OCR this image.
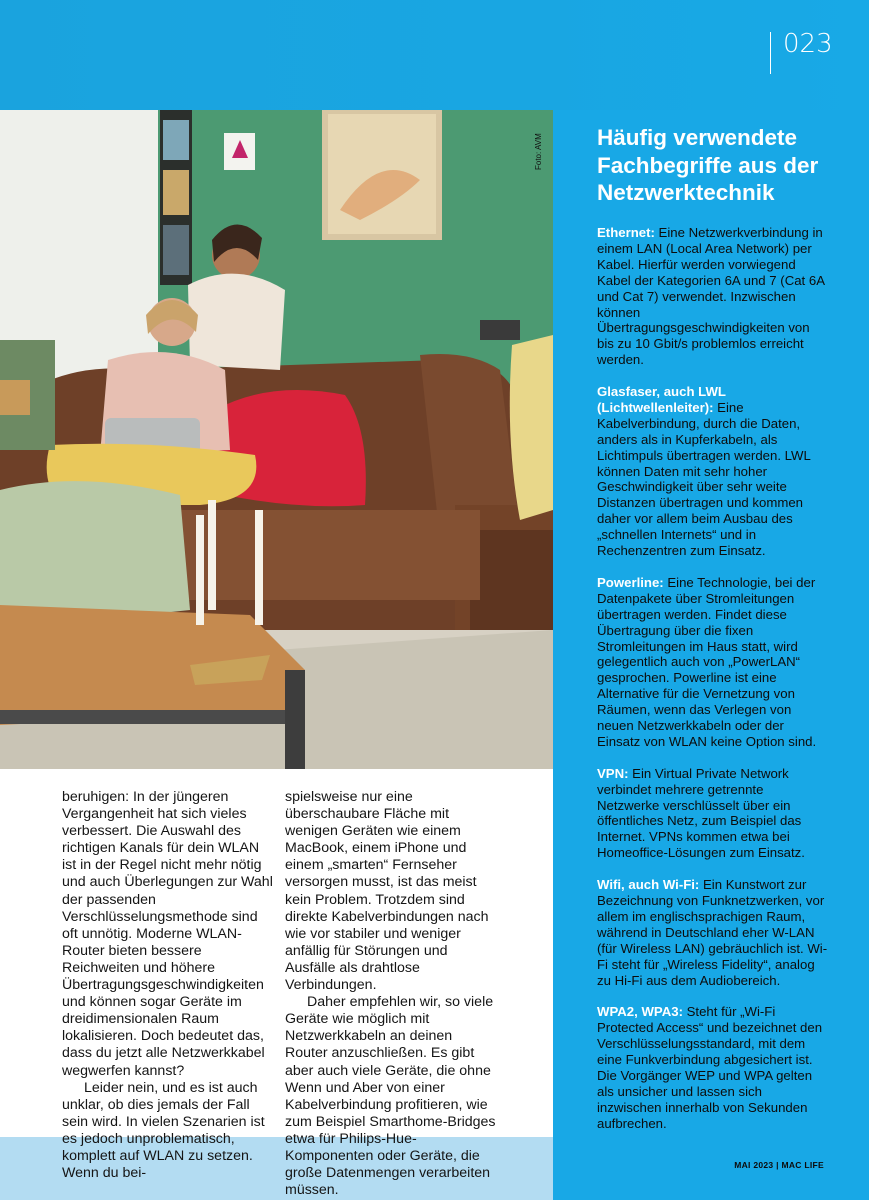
023
Foto: AVM

beruhigen: In der jüngeren Vergangenheit hat sich vieles verbessert. Die Auswahl des richtigen Kanals für dein WLAN ist in der Regel nicht mehr nötig und auch Überlegungen zur Wahl der passenden Verschlüsselungsmethode sind oft unnötig. Moderne WLAN-Router bieten bessere Reichweiten und höhere Übertragungsgeschwindigkeiten und können sogar Geräte im dreidimensionalen Raum lokalisieren. Doch bedeutet das, dass du jetzt alle Netzwerkkabel wegwerfen kannst?

Leider nein, und es ist auch unklar, ob dies jemals der Fall sein wird. In vielen Szenarien ist es jedoch unproblematisch, komplett auf WLAN zu setzen. Wenn du bei-

spielsweise nur eine überschaubare Fläche mit wenigen Geräten wie einem MacBook, einem iPhone und einem „smarten“ Fernseher versorgen musst, ist das meist kein Problem. Trotzdem sind direkte Kabelverbindungen nach wie vor stabiler und weniger anfällig für Störungen und Ausfälle als drahtlose Verbindungen.

Daher empfehlen wir, so viele Geräte wie möglich mit Netzwerkkabeln an deinen Router anzuschließen. Es gibt aber auch viele Geräte, die ohne Wenn und Aber von einer Kabelverbindung profitieren, wie zum Beispiel Smarthome-Bridges etwa für Philips-Hue-Komponenten oder Geräte, die große Datenmengen verarbeiten müssen.

Häufig verwendete Fachbegriffe aus der Netzwerktechnik

Ethernet: Eine Netzwerkverbindung in einem LAN (Local Area Network) per Kabel. Hierfür werden vorwiegend Kabel der Kategorien 6A und 7 (Cat 6A und Cat 7) verwendet. Inzwischen können Übertragungsgeschwindigkeiten von bis zu 10 Gbit/s problemlos erreicht werden.

Glasfaser, auch LWL (Lichtwellenleiter): Eine Kabelverbindung, durch die Daten, anders als in Kupferkabeln, als Lichtimpuls übertragen werden. LWL können Daten mit sehr hoher Geschwindigkeit über sehr weite Distanzen übertragen und kommen daher vor allem beim Ausbau des „schnellen Internets“ und in Rechenzentren zum Einsatz.

Powerline: Eine Technologie, bei der Datenpakete über Stromleitungen übertragen werden. Findet diese Übertragung über die fixen Stromleitungen im Haus statt, wird gelegentlich auch von „PowerLAN“ gesprochen. Powerline ist eine Alternative für die Vernetzung von Räumen, wenn das Verlegen von neuen Netzwerkkabeln oder der Einsatz von WLAN keine Option sind.

VPN: Ein Virtual Private Network verbindet mehrere getrennte Netzwerke verschlüsselt über ein öffentliches Netz, zum Beispiel das Internet. VPNs kommen etwa bei Homeoffice-Lösungen zum Einsatz.

Wifi, auch Wi-Fi: Ein Kunstwort zur Bezeichnung von Funknetzwerken, vor allem im englischsprachigen Raum, während in Deutschland eher W-LAN (für Wireless LAN) gebräuchlich ist. Wi-Fi steht für „Wireless Fidelity“, analog zu Hi-Fi aus dem Audiobereich.

WPA2, WPA3: Steht für „Wi-Fi Protected Access“ und bezeichnet den Verschlüsselungsstandard, mit dem eine Funkverbindung abgesichert ist. Die Vorgänger WEP und WPA gelten als unsicher und lassen sich inzwischen innerhalb von Sekunden aufbrechen.

MAI 2023 | MAC LIFE
